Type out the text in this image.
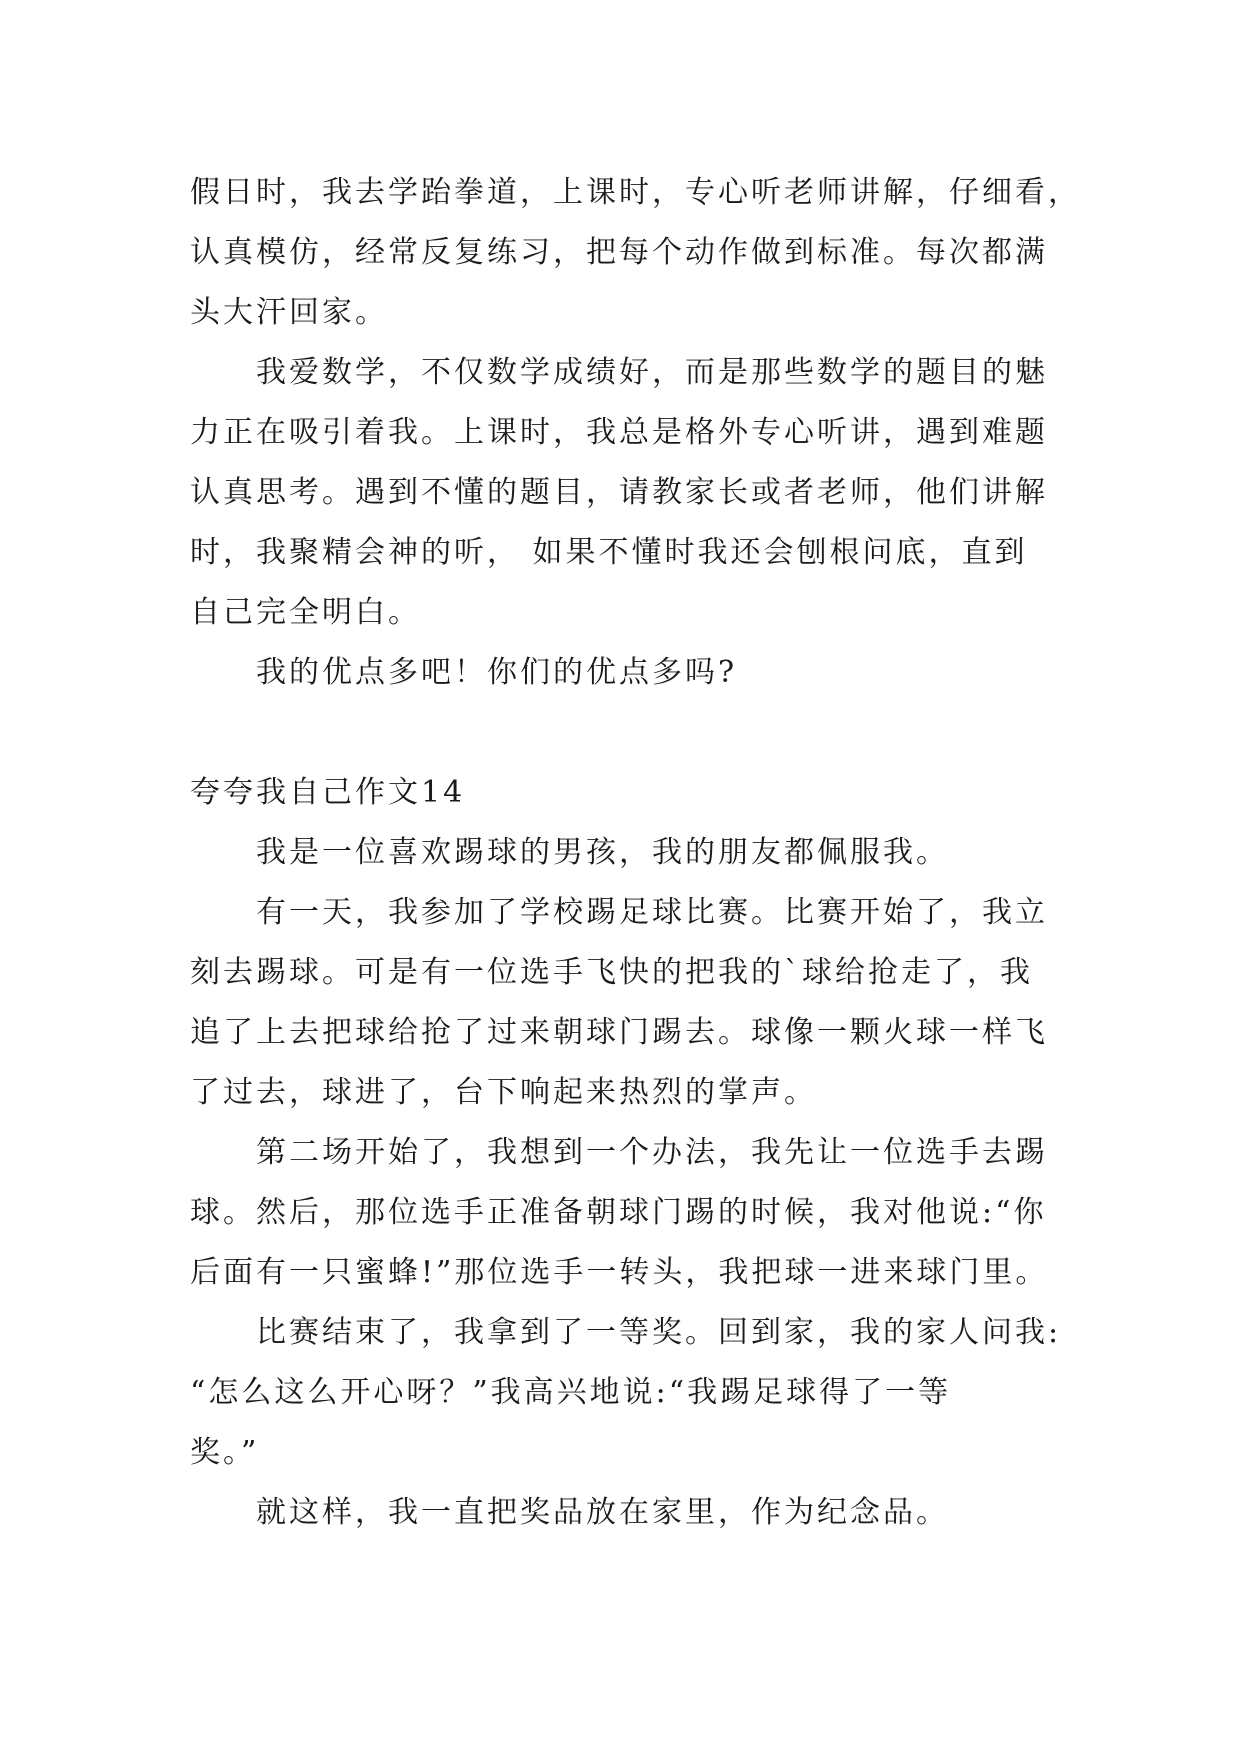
假日时，我去学跆拳道，上课时，专心听老师讲解，仔细看，
认真模仿，经常反复练习，把每个动作做到标准。每次都满
头大汗回家。
我爱数学，不仅数学成绩好，而是那些数学的题目的魅
力正在吸引着我。上课时，我总是格外专心听讲，遇到难题
认真思考。遇到不懂的题目，请教家长或者老师，他们讲解
时，我聚精会神的听， 如果不懂时我还会刨根问底，直到
自己完全明白。
我的优点多吧！你们的优点多吗?
夸夸我自己作文14
我是一位喜欢踢球的男孩，我的朋友都佩服我。
有一天，我参加了学校踢足球比赛。比赛开始了，我立
刻去踢球。可是有一位选手飞快的把我的`球给抢走了，我
追了上去把球给抢了过来朝球门踢去。球像一颗火球一样飞
了过去，球进了，台下响起来热烈的掌声。
第二场开始了，我想到一个办法，我先让一位选手去踢
球。然后，那位选手正准备朝球门踢的时候，我对他说:“你
后面有一只蜜蜂!”那位选手一转头，我把球一进来球门里。
比赛结束了，我拿到了一等奖。回到家，我的家人问我:
“怎么这么开心呀？”我高兴地说:“我踢足球得了一等
奖。”
就这样，我一直把奖品放在家里，作为纪念品。
